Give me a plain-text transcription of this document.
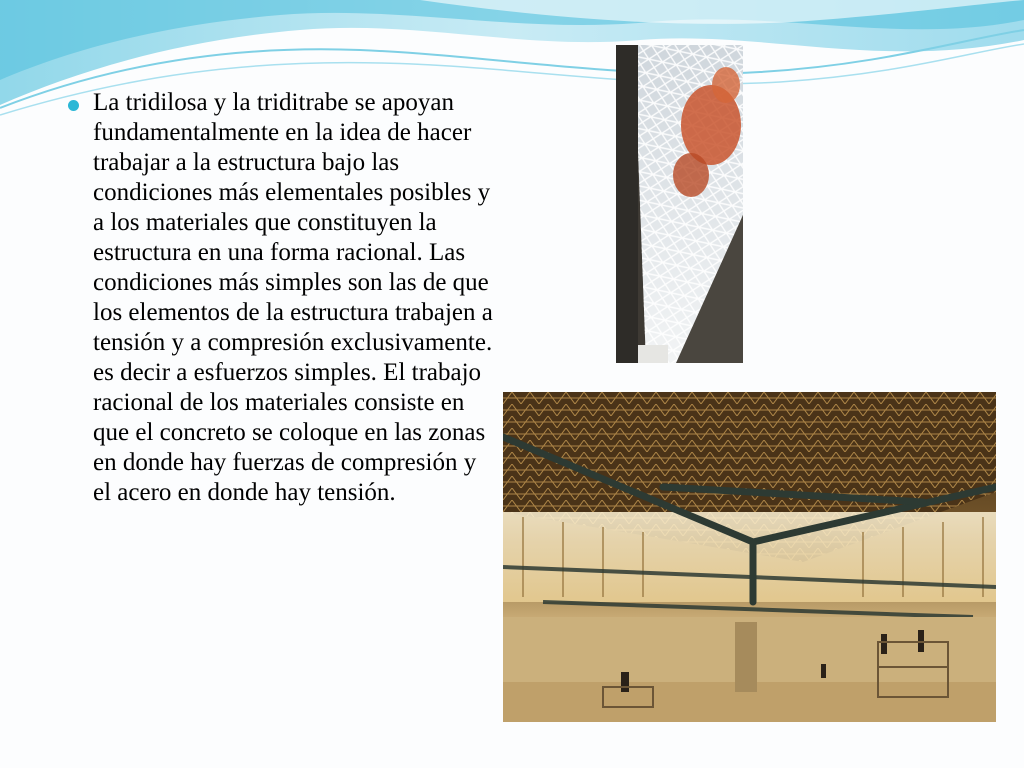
La tridilosa y la triditrabe se apoyan fundamentalmente en la idea de hacer trabajar a la estructura bajo las condiciones más elementales posibles y a los materiales que constituyen la estructura en una forma racional. Las condiciones más simples son las de que los elementos de la estructura trabajen a tensión y a compresión exclusivamente. es decir a esfuerzos simples. El trabajo racional de los materiales consiste en que el concreto se coloque en las zonas en donde hay fuerzas de compresión y el acero en donde hay tensión.
